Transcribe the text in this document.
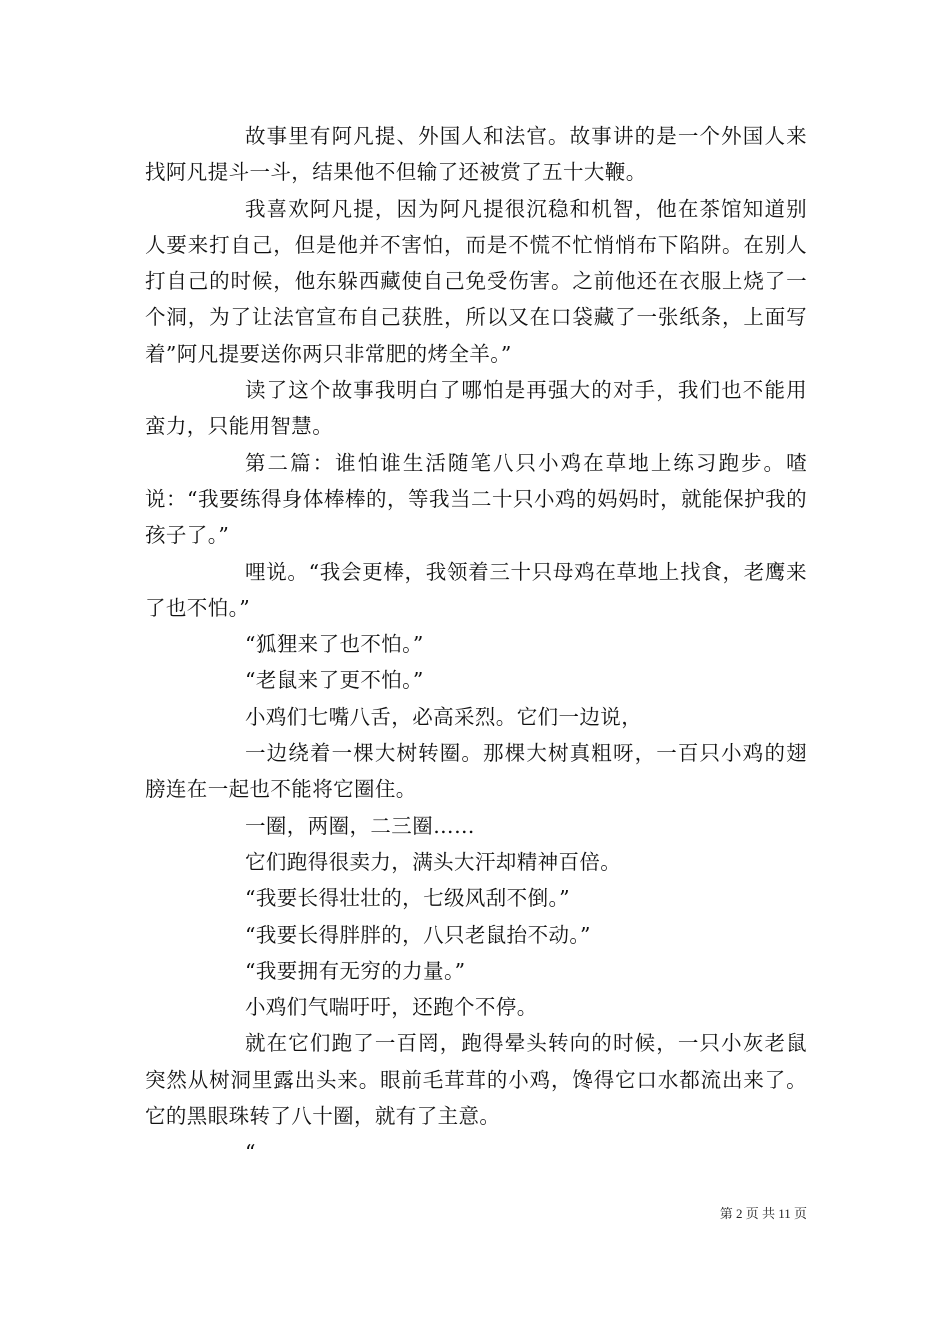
故事里有阿凡提、外国人和法官。故事讲的是一个外国人来找阿凡提斗一斗，结果他不但输了还被赏了五十大鞭。

我喜欢阿凡提，因为阿凡提很沉稳和机智，他在茶馆知道别人要来打自己，但是他并不害怕，而是不慌不忙悄悄布下陷阱。在别人打自己的时候，他东躲西藏使自己免受伤害。之前他还在衣服上烧了一个洞，为了让法官宣布自己获胜，所以又在口袋藏了一张纸条，上面写着”阿凡提要送你两只非常肥的烤全羊。”

读了这个故事我明白了哪怕是再强大的对手，我们也不能用蛮力，只能用智慧。

第二篇：谁怕谁生活随笔八只小鸡在草地上练习跑步。喳说：“我要练得身体棒棒的，等我当二十只小鸡的妈妈时，就能保护我的孩子了。”

哩说。“我会更棒，我领着三十只母鸡在草地上找食，老鹰来了也不怕。”

“狐狸来了也不怕。”

“老鼠来了更不怕。”

小鸡们七嘴八舌，必高采烈。它们一边说，

一边绕着一棵大树转圈。那棵大树真粗呀，一百只小鸡的翅膀连在一起也不能将它圈住。

一圈，两圈，二三圈……

它们跑得很卖力，满头大汗却精神百倍。

“我要长得壮壮的，七级风刮不倒。”

“我要长得胖胖的，八只老鼠抬不动。”

“我要拥有无穷的力量。”

小鸡们气喘吁吁，还跑个不停。

就在它们跑了一百罔，跑得晕头转向的时候，一只小灰老鼠突然从树洞里露出头来。眼前毛茸茸的小鸡，馋得它口水都流出来了。它的黑眼珠转了八十圈，就有了主意。

“

第 2 页 共 11 页
